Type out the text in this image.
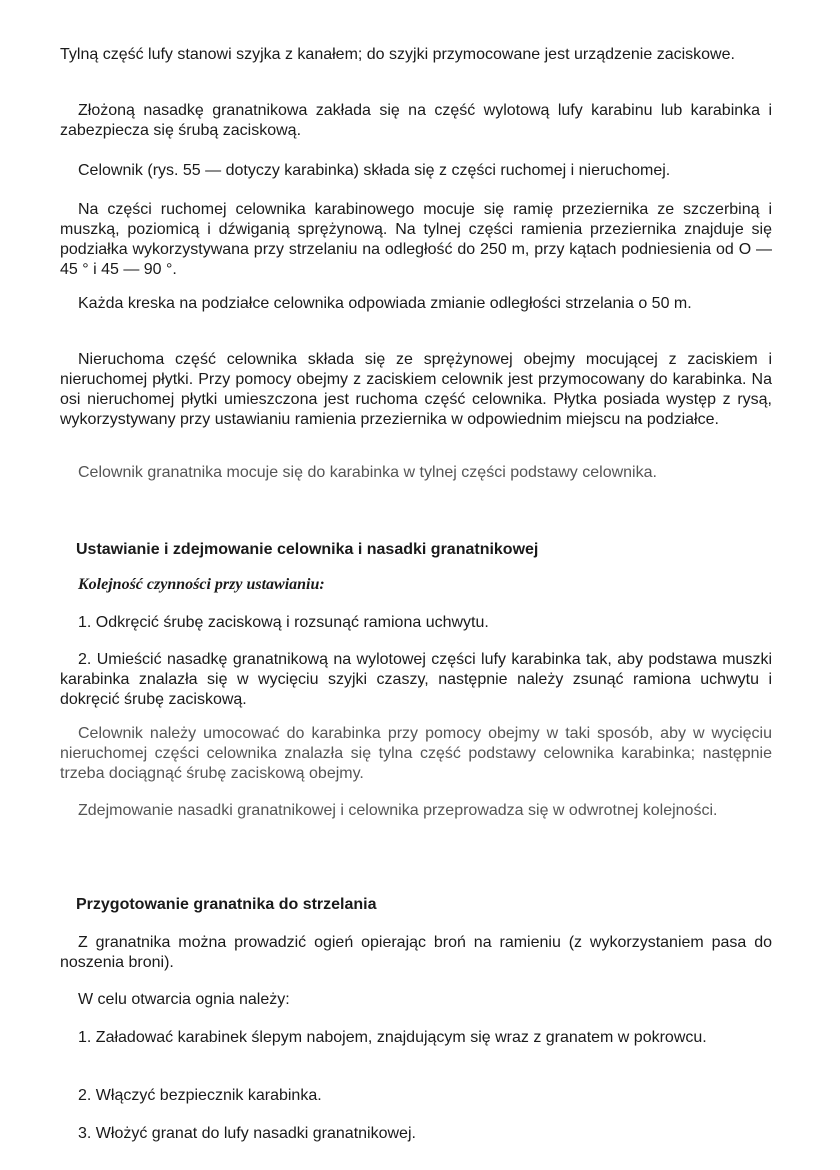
Tylną część lufy stanowi szyjka z kanałem; do szyjki przymocowane jest urządzenie zaciskowe.

Złożoną nasadkę granatnikowa zakłada się na część wylotową lufy karabinu lub karabinka i zabezpiecza się śrubą zaciskową.

Celownik (rys. 55 — dotyczy karabinka) składa się z części ruchomej i nieruchomej.

Na części ruchomej celownika karabinowego mocuje się ramię przeziernika ze szczerbiną i muszką, poziomicą i dźwiganią sprężynową. Na tylnej części ramienia przeziernika znajduje się podziałka wykorzystywana przy strzelaniu na odległość do 250 m, przy kątach podniesienia od O — 45 ° i 45 — 90 °.

Każda kreska na podziałce celownika odpowiada zmianie odległości strzelania o 50 m.

Nieruchoma część celownika składa się ze sprężynowej obejmy mocującej z zaciskiem i nieruchomej płytki. Przy pomocy obejmy z zaciskiem celownik jest przymocowany do karabinka. Na osi nieruchomej płytki umieszczona jest ruchoma część celownika. Płytka posiada występ z rysą, wykorzystywany przy ustawianiu ramienia przeziernika w odpowiednim miejscu na podziałce.

Celownik granatnika mocuje się do karabinka w tylnej części podstawy celownika.

Ustawianie i zdejmowanie celownika i nasadki granatnikowej
Kolejność czynności przy ustawianiu:

1. Odkręcić śrubę zaciskową i rozsunąć ramiona uchwytu.

2. Umieścić nasadkę granatnikową na wylotowej części lufy karabinka tak, aby podstawa muszki karabinka znalazła się w wycięciu szyjki czaszy, następnie należy zsunąć ramiona uchwytu i dokręcić śrubę zaciskową.

Celownik należy umocować do karabinka przy pomocy obejmy w taki sposób, aby w wycięciu nieruchomej części celownika znalazła się tylna część podstawy celownika karabinka; następnie trzeba dociągnąć śrubę zaciskową obejmy.

Zdejmowanie nasadki granatnikowej i celownika przeprowadza się w odwrotnej kolejności.

Przygotowanie granatnika do strzelania

Z granatnika można prowadzić ogień opierając broń na ramieniu (z wykorzystaniem pasa do noszenia broni).

W celu otwarcia ognia należy:

1. Załadować karabinek ślepym nabojem, znajdującym się wraz z granatem w pokrowcu.

2. Włączyć bezpiecznik karabinka.

3. Włożyć granat do lufy nasadki granatnikowej.
